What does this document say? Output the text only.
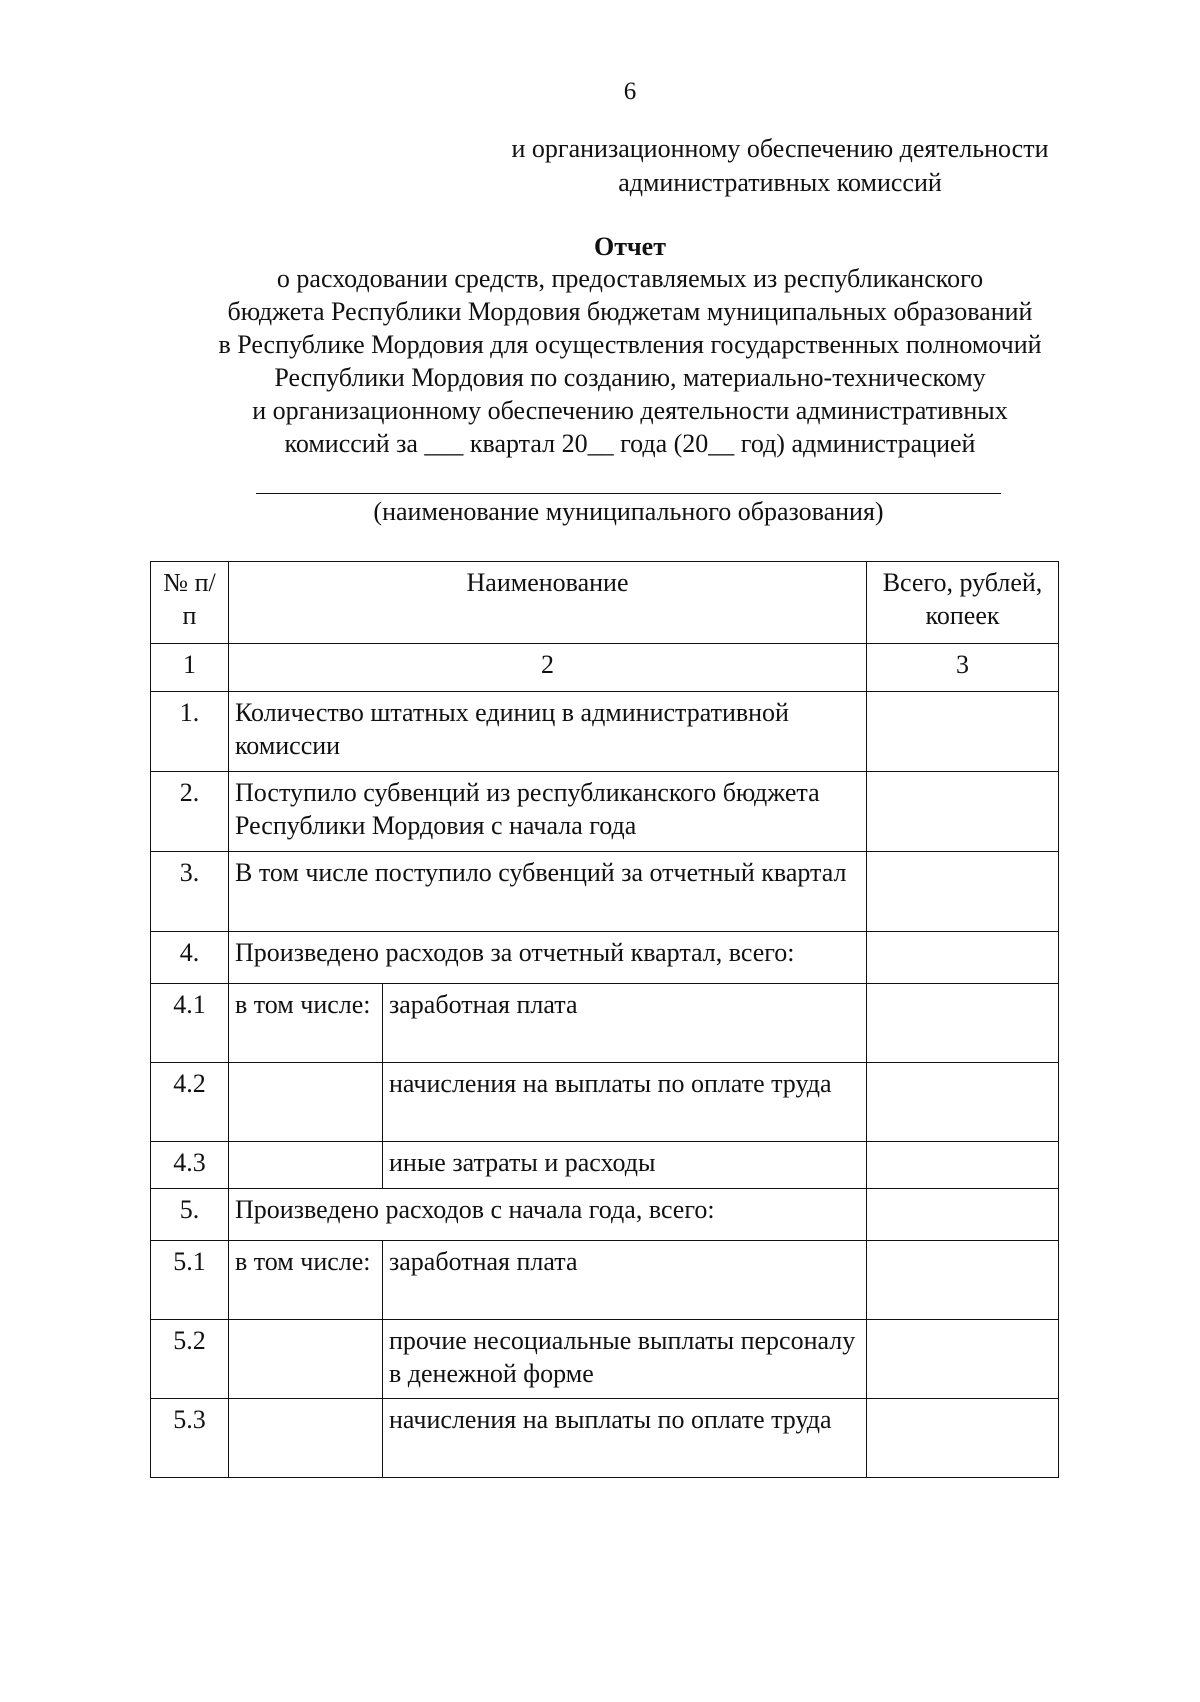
6
и организационному обеспечению деятельности
административных комиссий
Отчет
о расходовании средств, предоставляемых из республиканского
бюджета Республики Мордовия бюджетам муниципальных образований
в Республике Мордовия для осуществления государственных полномочий
Республики Мордовия по созданию, материально-техническому
и организационному обеспечению деятельности административных
комиссий за ___ квартал 20__ года (20__ год) администрацией
(наименование муниципального образования)
№ п/п	Наименование		Всего, рублей, копеек
1	2		3
1.	Количество штатных единиц в административной комиссии		
2.	Поступило субвенций из республиканского бюджета Республики Мордовия с начала года		
3.	В том числе поступило субвенций за отчетный квартал		
4.	Произведено расходов за отчетный квартал, всего:		
4.1	в том числе:	заработная плата	
4.2		начисления на выплаты по оплате труда	
4.3		иные затраты и расходы	
5.	Произведено расходов с начала года, всего:		
5.1	в том числе:	заработная плата	
5.2		прочие несоциальные выплаты персоналу в денежной форме	
5.3		начисления на выплаты по оплате труда	
